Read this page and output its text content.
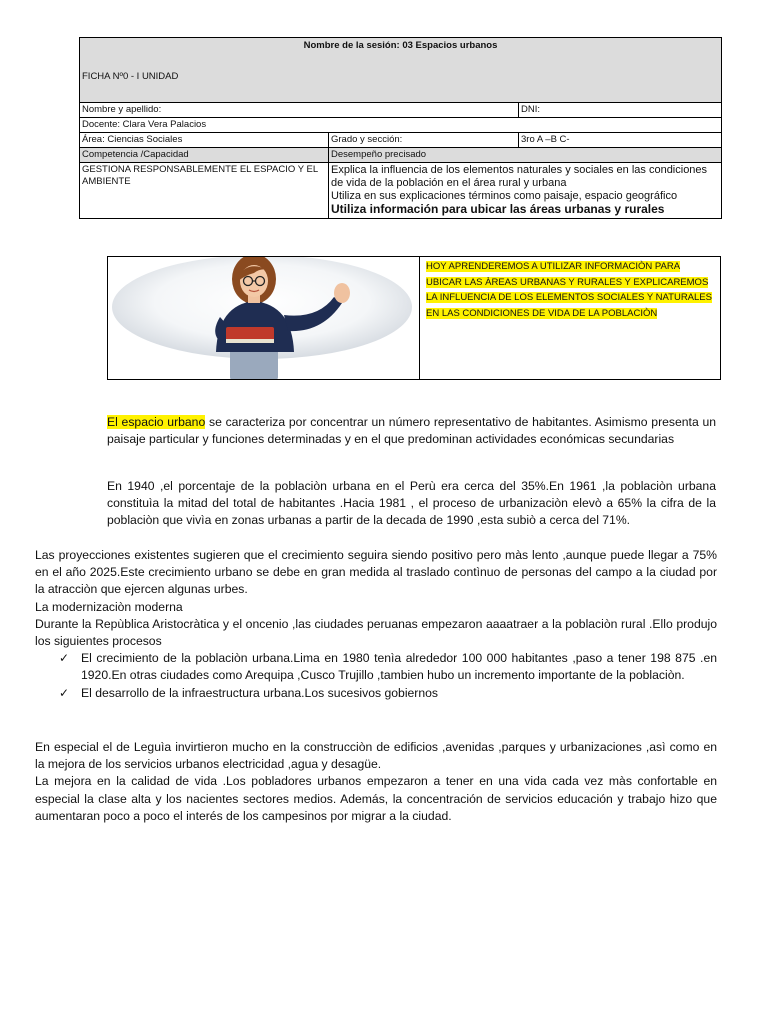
Nombre de la sesión: 03 Espacios urbanos
FICHA Nº0 - I UNIDAD		

Nombre y apellido:		DNI:
Docente: Clara Vera Palacios		
Área: Ciencias Sociales	Grado y sección:	3ro A –B C-
Competencia /Capacidad	Desempeño precisado	
GESTIONA RESPONSABLEMENTE EL ESPACIO Y EL AMBIENTE	Explica la influencia de los elementos naturales y sociales en las condiciones de vida de la población en el área rural y urbana
Utiliza en sus explicaciones términos como paisaje, espacio geográfico
Utiliza información para ubicar las áreas urbanas y rurales	
HOY APRENDEREMOS A UTILIZAR INFORMACIÒN PARA UBICAR LAS ÀREAS URBANAS Y RURALES Y EXPLICAREMOS LA INFLUENCIA DE LOS ELEMENTOS SOCIALES Y NATURALES EN LAS CONDICIONES DE VIDA DE LA POBLACIÒN
El espacio urbano se caracteriza por concentrar un número representativo de habitantes. Asimismo presenta un paisaje particular y funciones determinadas y en el que predominan actividades económicas secundarias
En 1940 ,el porcentaje de la poblaciòn urbana en el Perù era cerca del 35%.En 1961 ,la poblaciòn urbana constituìa la mitad del total de habitantes .Hacia 1981 , el proceso de urbanizaciòn elevò a 65% la cifra de la poblaciòn que vivìa en zonas urbanas a partir de la decada de 1990 ,esta subiò a cerca del 71%.
Las proyecciones existentes sugieren que el crecimiento seguira siendo positivo pero màs lento ,aunque puede llegar a 75% en el año 2025.Este crecimiento urbano se debe en gran medida al traslado contìnuo de personas del campo a la ciudad por la atracciòn que ejercen algunas urbes.
La modernizaciòn moderna
Durante la Repùblica Aristocràtica y el oncenio ,las ciudades peruanas empezaron aaaatraer a la poblaciòn rural .Ello produjo los siguientes procesos
✓ El crecimiento de la poblaciòn urbana.Lima en 1980 tenìa alrededor 100 000 habitantes ,paso a tener 198 875 .en 1920.En otras ciudades como Arequipa ,Cusco Trujillo ,tambien hubo un incremento importante de la poblaciòn.
✓ El desarrollo de la infraestructura urbana.Los sucesivos gobiernos
En especial el de Leguìa invirtieron mucho en la construcciòn de edificios ,avenidas ,parques y urbanizaciones ,asì como en la mejora de los servicios urbanos electricidad ,agua y desagüe.
La mejora en la calidad de vida .Los pobladores urbanos empezaron a tener en una vida cada vez màs confortable en especial la clase alta y los nacientes sectores medios. Además, la concentración de servicios educación y trabajo hizo que aumentaran poco a poco el interés de los campesinos por migrar a la ciudad.
